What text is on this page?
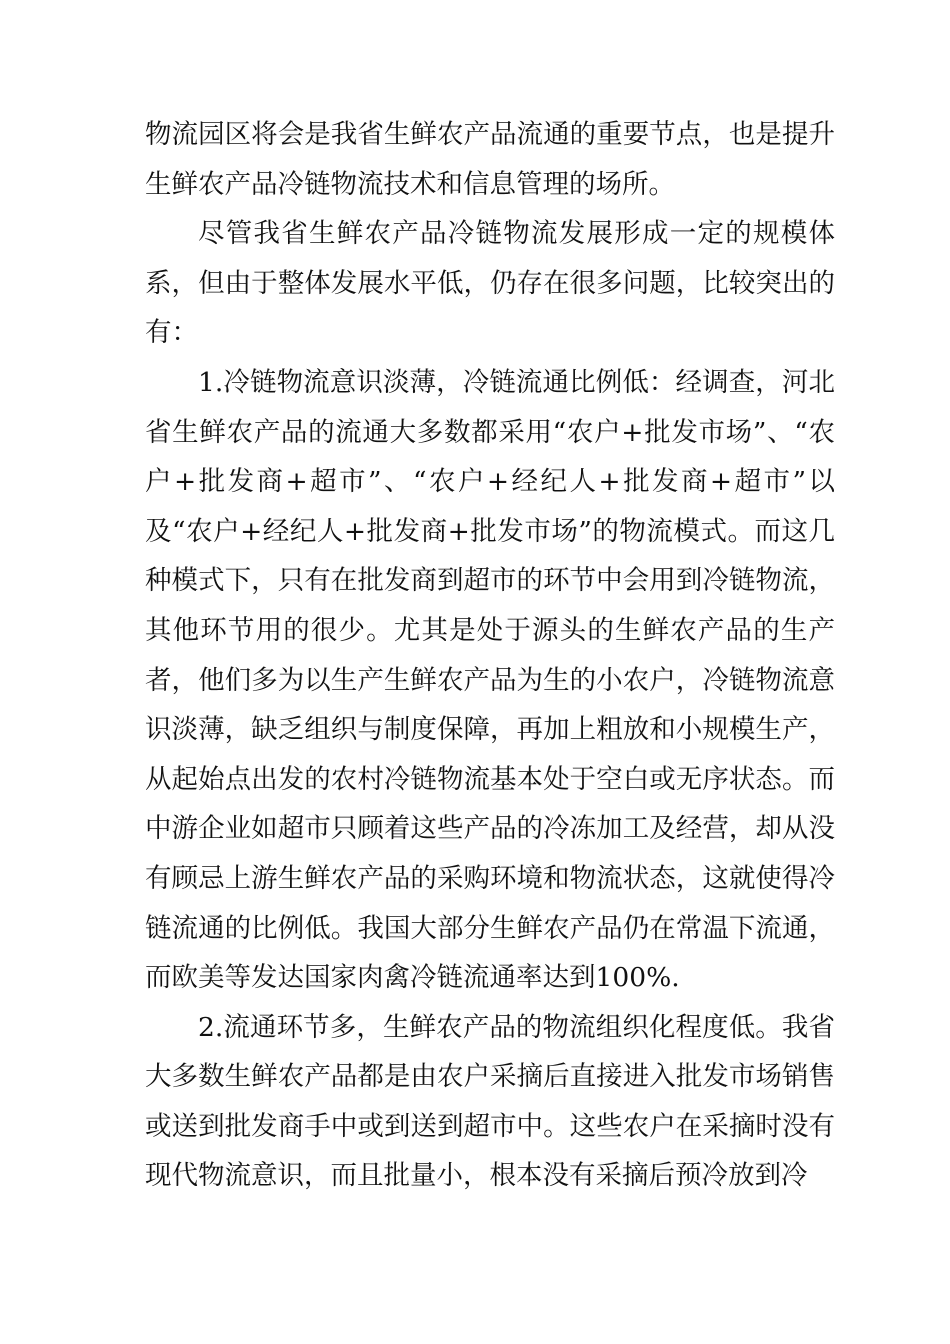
物流园区将会是我省生鲜农产品流通的重要节点，也是提升生鲜农产品冷链物流技术和信息管理的场所。

尽管我省生鲜农产品冷链物流发展形成一定的规模体系，但由于整体发展水平低，仍存在很多问题，比较突出的有：

1.冷链物流意识淡薄，冷链流通比例低：经调查，河北省生鲜农产品的流通大多数都采用“农户+批发市场”、“农户+批发商+超市”、“农户+经纪人+批发商+超市”以及“农户+经纪人+批发商+批发市场”的物流模式。而这几种模式下，只有在批发商到超市的环节中会用到冷链物流，其他环节用的很少。尤其是处于源头的生鲜农产品的生产者，他们多为以生产生鲜农产品为生的小农户，冷链物流意识淡薄，缺乏组织与制度保障，再加上粗放和小规模生产，从起始点出发的农村冷链物流基本处于空白或无序状态。而中游企业如超市只顾着这些产品的冷冻加工及经营，却从没有顾忌上游生鲜农产品的采购环境和物流状态，这就使得冷链流通的比例低。我国大部分生鲜农产品仍在常温下流通，而欧美等发达国家肉禽冷链流通率达到100%.

2.流通环节多，生鲜农产品的物流组织化程度低。我省大多数生鲜农产品都是由农户采摘后直接进入批发市场销售或送到批发商手中或到送到超市中。这些农户在采摘时没有现代物流意识，而且批量小，根本没有采摘后预冷放到冷
